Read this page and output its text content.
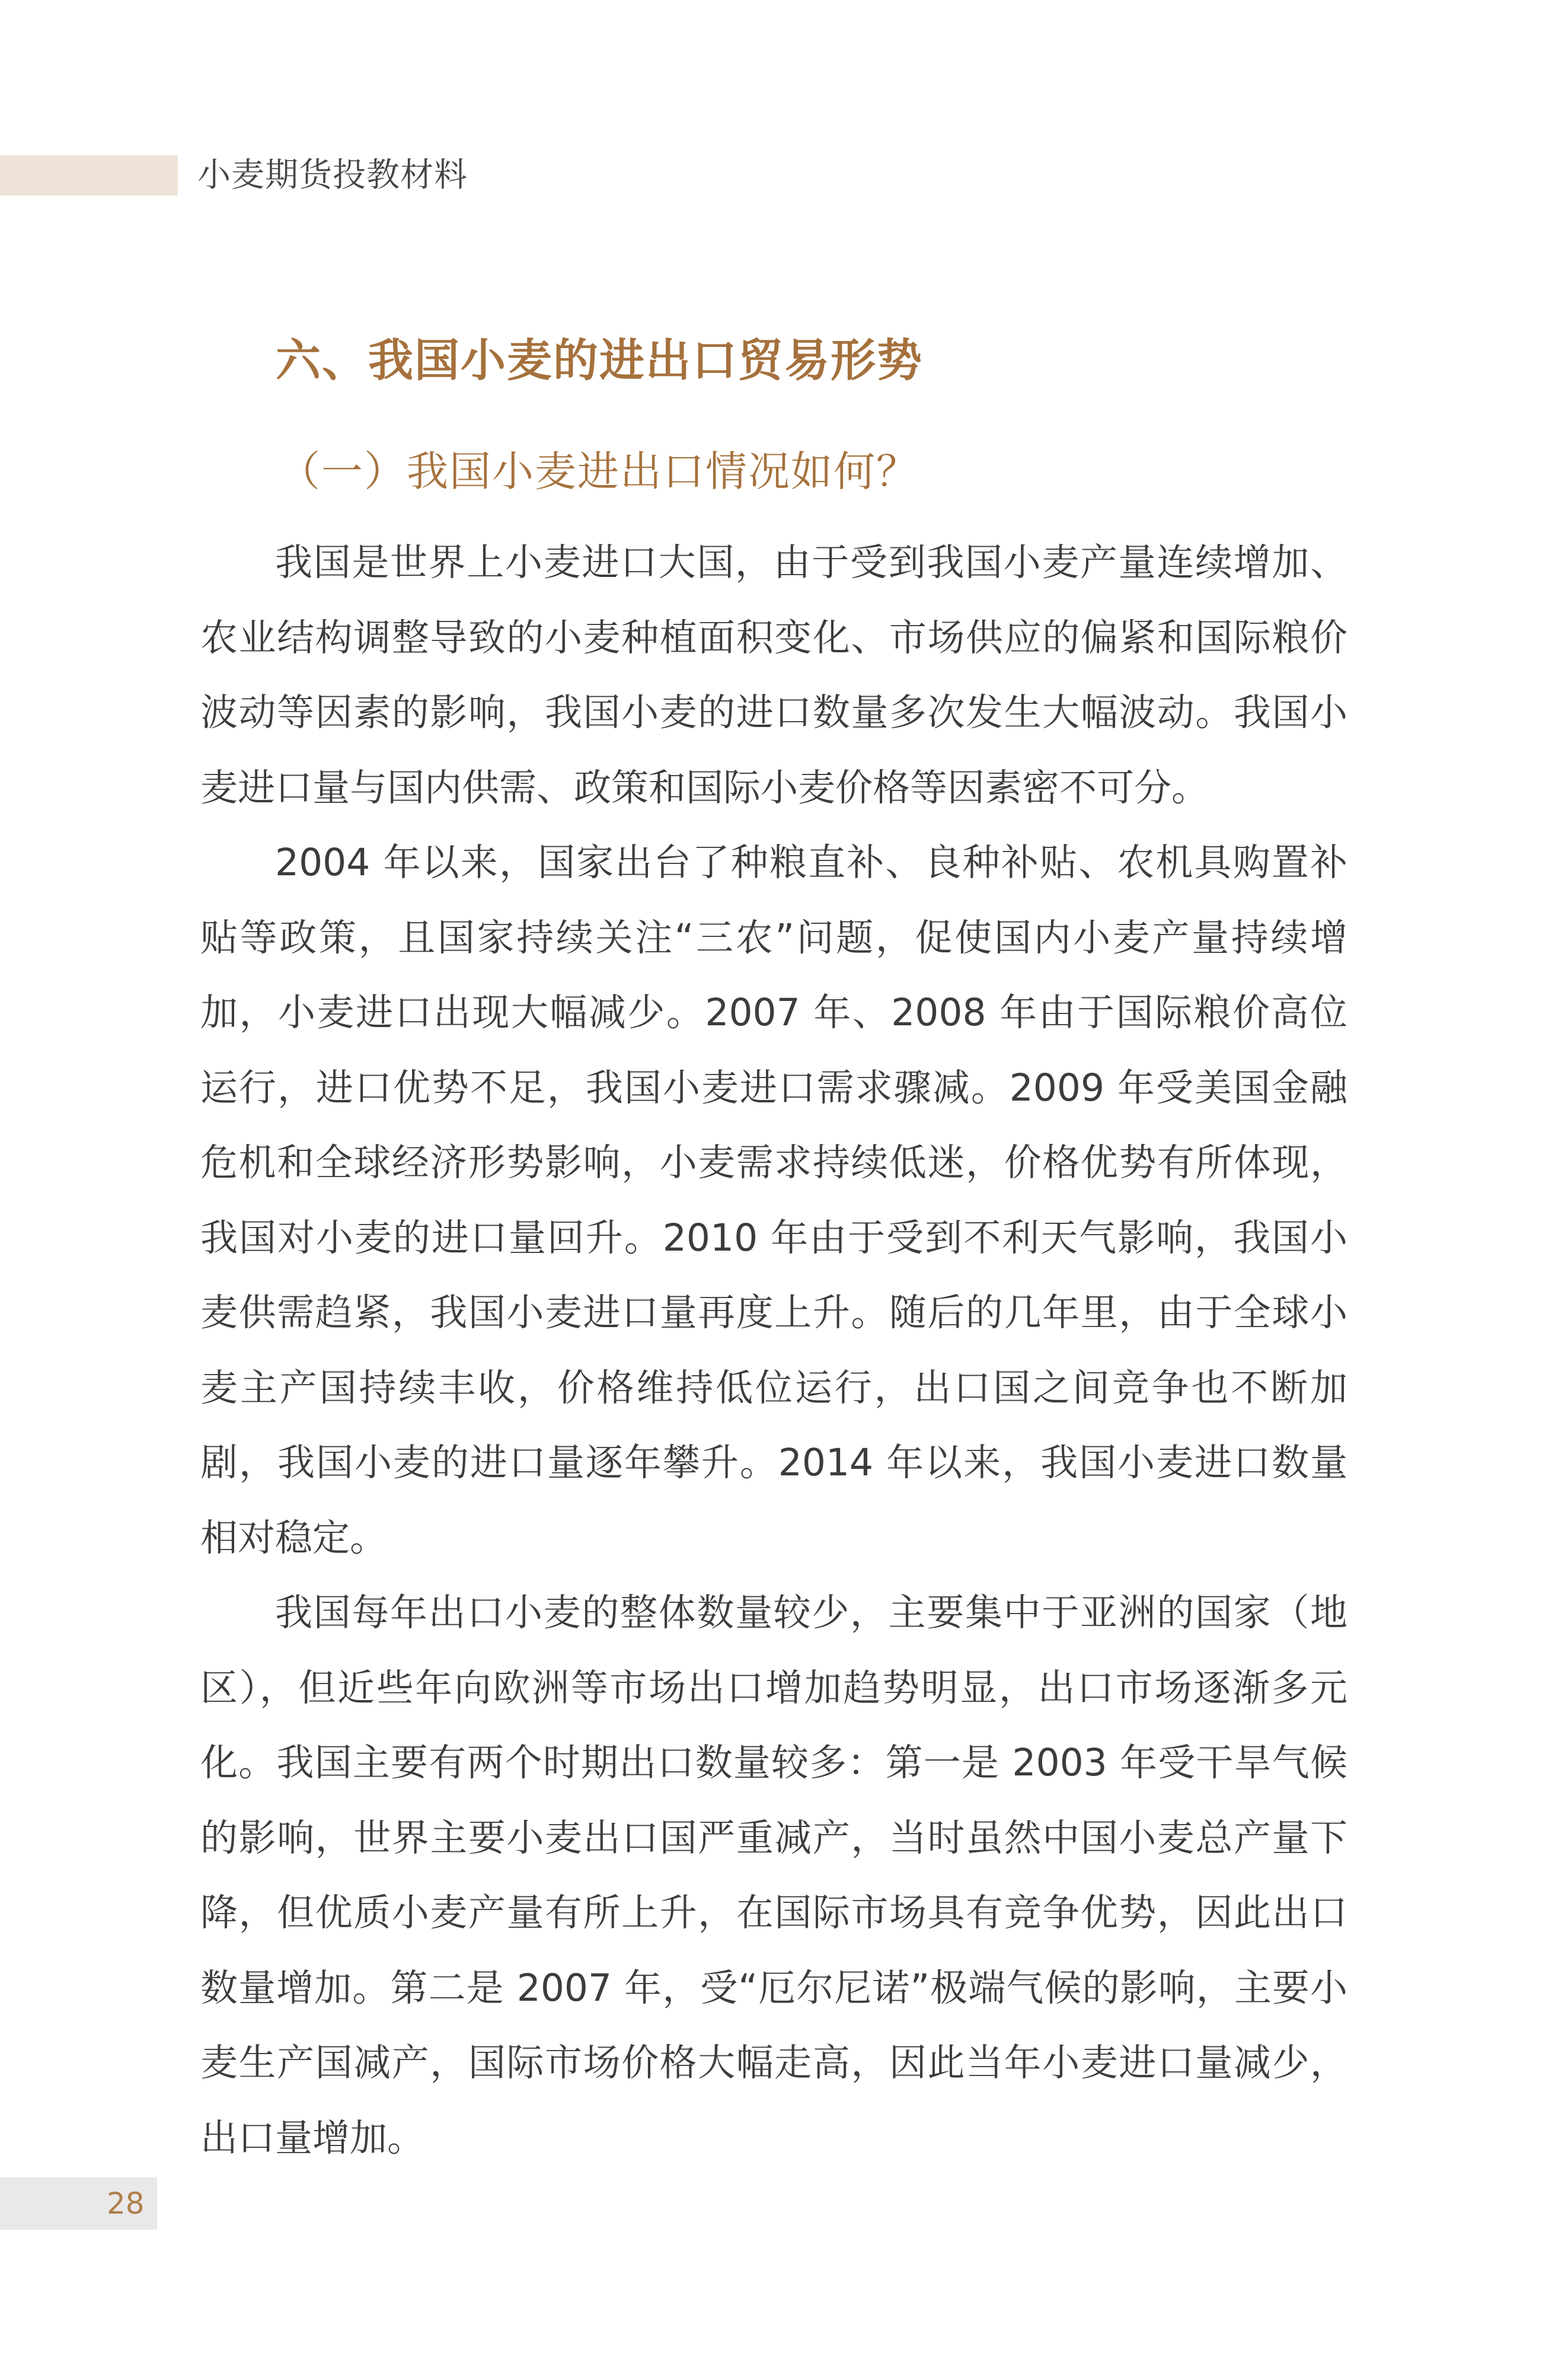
小麦期货投教材料
六、我国小麦的进出口贸易形势
（一）我国小麦进出口情况如何？

我国是世界上小麦进口大国，由于受到我国小麦产量连续增加、农业结构调整导致的小麦种植面积变化、市场供应的偏紧和国际粮价波动等因素的影响，我国小麦的进口数量多次发生大幅波动。我国小麦进口量与国内供需、政策和国际小麦价格等因素密不可分。

2004 年以来，国家出台了种粮直补、良种补贴、农机具购置补贴等政策，且国家持续关注“三农”问题，促使国内小麦产量持续增加，小麦进口出现大幅减少。2007 年、2008 年由于国际粮价高位运行，进口优势不足，我国小麦进口需求骤减。2009 年受美国金融危机和全球经济形势影响，小麦需求持续低迷，价格优势有所体现，我国对小麦的进口量回升。2010 年由于受到不利天气影响，我国小麦供需趋紧，我国小麦进口量再度上升。随后的几年里，由于全球小麦主产国持续丰收，价格维持低位运行，出口国之间竞争也不断加剧，我国小麦的进口量逐年攀升。2014 年以来，我国小麦进口数量相对稳定。

我国每年出口小麦的整体数量较少，主要集中于亚洲的国家（地区），但近些年向欧洲等市场出口增加趋势明显，出口市场逐渐多元化。我国主要有两个时期出口数量较多：第一是 2003 年受干旱气候的影响，世界主要小麦出口国严重减产，当时虽然中国小麦总产量下降，但优质小麦产量有所上升，在国际市场具有竞争优势，因此出口数量增加。第二是 2007 年，受“厄尔尼诺”极端气候的影响，主要小麦生产国减产，国际市场价格大幅走高，因此当年小麦进口量减少，出口量增加。

28
